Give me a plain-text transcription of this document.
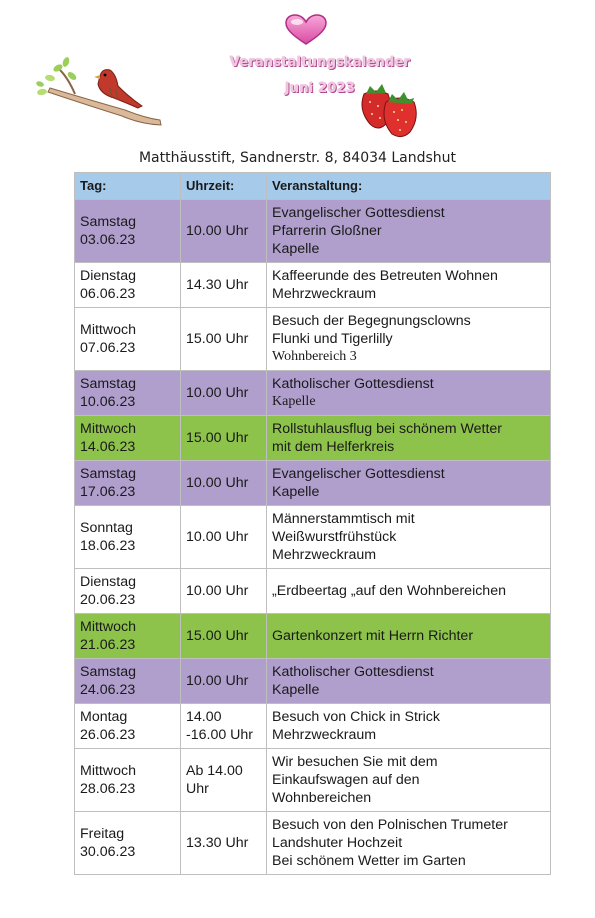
Veranstaltungskalender
Juni 2023
Matthäusstift, Sandnerstr. 8, 84034 Landshut
Tag:	Uhrzeit:	Veranstaltung:

Samstag
03.06.23	10.00 Uhr	Evangelischer Gottesdienst
Pfarrerin Gloßner
Kapelle

Dienstag
06.06.23	14.30 Uhr	Kaffeerunde des Betreuten Wohnen
Mehrzweckraum

Mittwoch
07.06.23	15.00 Uhr	Besuch der Begegnungsclowns
Flunki und Tigerlilly
Wohnbereich 3

Samstag
10.06.23	10.00 Uhr	Katholischer Gottesdienst
Kapelle

Mittwoch
14.06.23	15.00 Uhr	Rollstuhlausflug bei schönem Wetter
mit dem Helferkreis

Samstag
17.06.23	10.00 Uhr	Evangelischer Gottesdienst
Kapelle

Sonntag
18.06.23	10.00 Uhr	Männerstammtisch mit
Weißwurstfrühstück
Mehrzweckraum

Dienstag
20.06.23	10.00 Uhr	„Erdbeertag „auf den Wohnbereichen

Mittwoch
21.06.23	15.00 Uhr	Gartenkonzert mit Herrn Richter

Samstag
24.06.23	10.00 Uhr	Katholischer Gottesdienst
Kapelle

Montag
26.06.23	14.00
-16.00 Uhr	Besuch von Chick in Strick
Mehrzweckraum

Mittwoch
28.06.23	Ab 14.00
Uhr	Wir besuchen Sie mit dem
Einkaufswagen auf den
Wohnbereichen

Freitag
30.06.23	13.30 Uhr	Besuch von den Polnischen Trumeter
Landshuter Hochzeit
Bei schönem Wetter im Garten
